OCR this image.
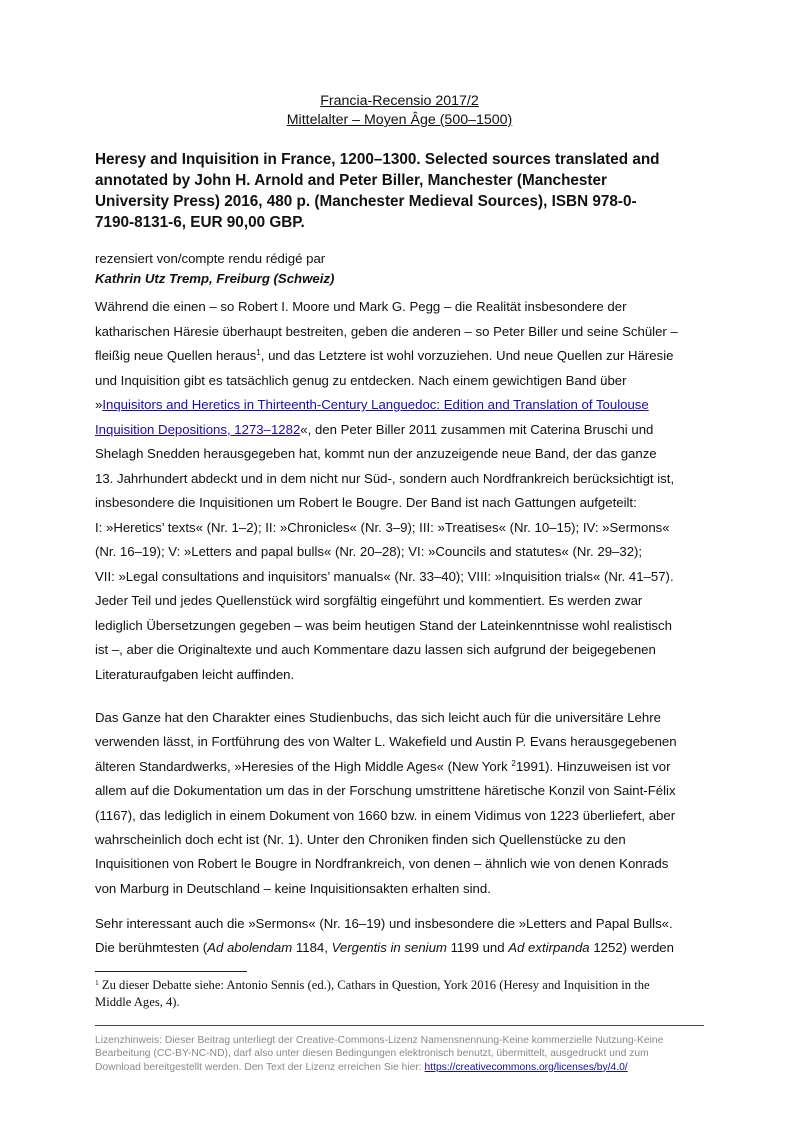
Francia-Recensio 2017/2
Mittelalter – Moyen Âge (500–1500)
Heresy and Inquisition in France, 1200–1300. Selected sources translated and
annotated by John H. Arnold and Peter Biller, Manchester (Manchester
University Press) 2016, 480 p. (Manchester Medieval Sources), ISBN 978-0-
7190-8131-6, EUR 90,00 GBP.
rezensiert von/compte rendu rédigé par
Kathrin Utz Tremp, Freiburg (Schweiz)
Während die einen – so Robert I. Moore und Mark G. Pegg – die Realität insbesondere der
katharischen Häresie überhaupt bestreiten, geben die anderen – so Peter Biller und seine Schüler –
fleißig neue Quellen heraus$^1$, und das Letztere ist wohl vorzuziehen. Und neue Quellen zur Häresie
und Inquisition gibt es tatsächlich genug zu entdecken. Nach einem gewichtigen Band über
»Inquisitors and Heretics in Thirteenth-Century Languedoc: Edition and Translation of Toulouse
Inquisition Depositions, 1273–1282«, den Peter Biller 2011 zusammen mit Caterina Bruschi und
Shelagh Snedden herausgegeben hat, kommt nun der anzuzeigende neue Band, der das ganze
13. Jahrhundert abdeckt und in dem nicht nur Süd-, sondern auch Nordfrankreich berücksichtigt ist,
insbesondere die Inquisitionen um Robert le Bougre. Der Band ist nach Gattungen aufgeteilt:
I: »Heretics’ texts« (Nr. 1–2); II: »Chronicles« (Nr. 3–9); III: »Treatises« (Nr. 10–15); IV: »Sermons«
(Nr. 16–19); V: »Letters and papal bulls« (Nr. 20–28); VI: »Councils and statutes« (Nr. 29–32);
VII: »Legal consultations and inquisitors’ manuals« (Nr. 33–40); VIII: »Inquisition trials« (Nr. 41–57).
Jeder Teil und jedes Quellenstück wird sorgfältig eingeführt und kommentiert. Es werden zwar
lediglich Übersetzungen gegeben – was beim heutigen Stand der Lateinkenntnisse wohl realistisch
ist –, aber die Originaltexte und auch Kommentare dazu lassen sich aufgrund der beigegebenen
Literaturaufgaben leicht auffinden.
Das Ganze hat den Charakter eines Studienbuchs, das sich leicht auch für die universitäre Lehre
verwenden lässt, in Fortführung des von Walter L. Wakefield und Austin P. Evans herausgegebenen
älteren Standardwerks, »Heresies of the High Middle Ages« (New York $^2$1991). Hinzuweisen ist vor
allem auf die Dokumentation um das in der Forschung umstrittene häretische Konzil von Saint-Félix
(1167), das lediglich in einem Dokument von 1660 bzw. in einem Vidimus von 1223 überliefert, aber
wahrscheinlich doch echt ist (Nr. 1). Unter den Chroniken finden sich Quellenstücke zu den
Inquisitionen von Robert le Bougre in Nordfrankreich, von denen – ähnlich wie von denen Konrads
von Marburg in Deutschland – keine Inquisitionsakten erhalten sind.
Sehr interessant auch die »Sermons« (Nr. 16–19) und insbesondere die »Letters and Papal Bulls«.
Die berühmtesten (Ad abolendam 1184, Vergentis in senium 1199 und Ad extirpanda 1252) werden
$^1$ Zu dieser Debatte siehe: Antonio Sennis (ed.), Cathars in Question, York 2016 (Heresy and Inquisition in the
Middle Ages, 4).
Lizenzhinweis: Dieser Beitrag unterliegt der Creative-Commons-Lizenz Namensnennung-Keine kommerzielle Nutzung-Keine
Bearbeitung (CC-BY-NC-ND), darf also unter diesen Bedingungen elektronisch benutzt, übermittelt, ausgedruckt und zum
Download bereitgestellt werden. Den Text der Lizenz erreichen Sie hier: https://creativecommons.org/licenses/by/4.0/
